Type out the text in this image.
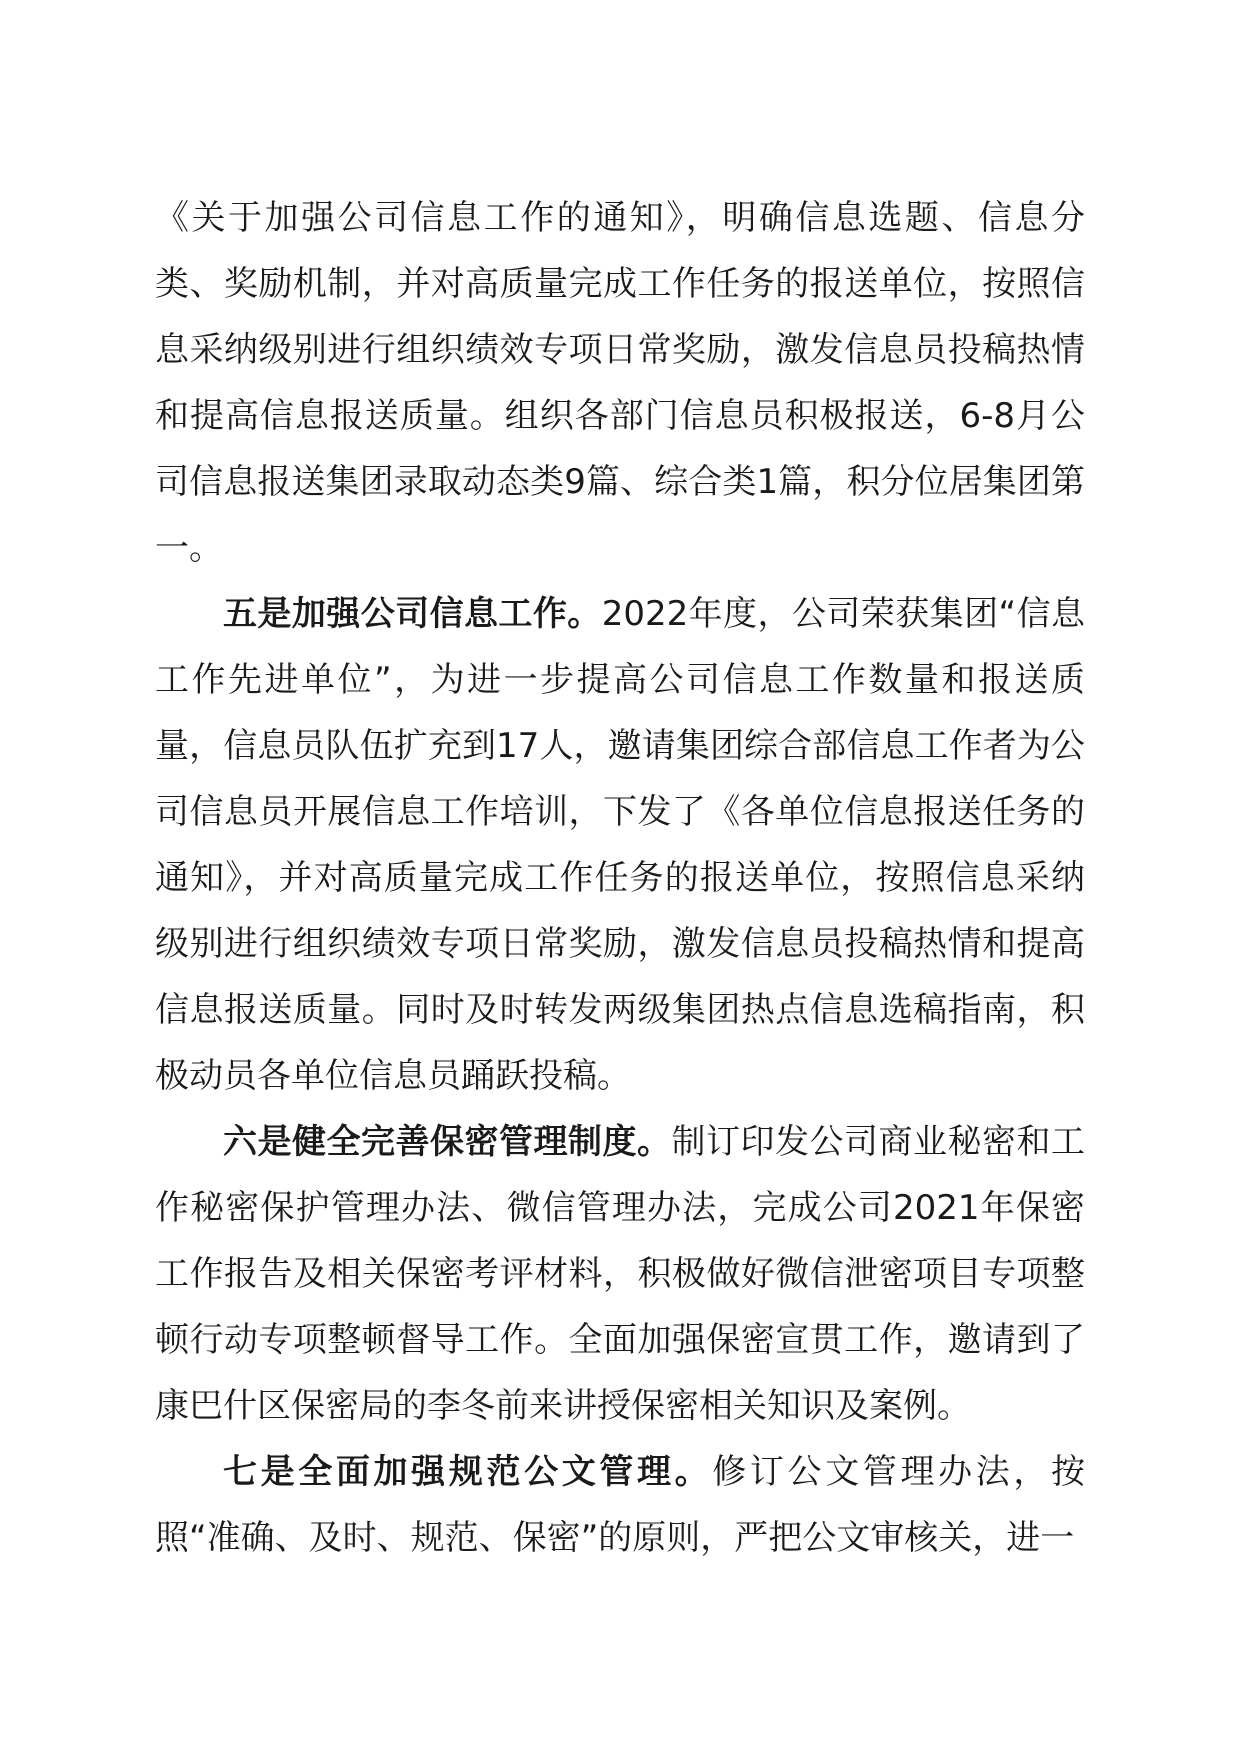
《关于加强公司信息工作的通知》，明确信息选题、信息分类、奖励机制，并对高质量完成工作任务的报送单位，按照信息采纳级别进行组织绩效专项日常奖励，激发信息员投稿热情和提高信息报送质量。组织各部门信息员积极报送，6-8月公司信息报送集团录取动态类9篇、综合类1篇，积分位居集团第一。

五是加强公司信息工作。2022年度，公司荣获集团“信息工作先进单位”，为进一步提高公司信息工作数量和报送质量，信息员队伍扩充到17人，邀请集团综合部信息工作者为公司信息员开展信息工作培训，下发了《各单位信息报送任务的通知》，并对高质量完成工作任务的报送单位，按照信息采纳级别进行组织绩效专项日常奖励，激发信息员投稿热情和提高信息报送质量。同时及时转发两级集团热点信息选稿指南，积极动员各单位信息员踊跃投稿。

六是健全完善保密管理制度。制订印发公司商业秘密和工作秘密保护管理办法、微信管理办法，完成公司2021年保密工作报告及相关保密考评材料，积极做好微信泄密项目专项整顿行动专项整顿督导工作。全面加强保密宣贯工作，邀请到了康巴什区保密局的李冬前来讲授保密相关知识及案例。

七是全面加强规范公文管理。修订公文管理办法，按照“准确、及时、规范、保密”的原则，严把公文审核关，进一
